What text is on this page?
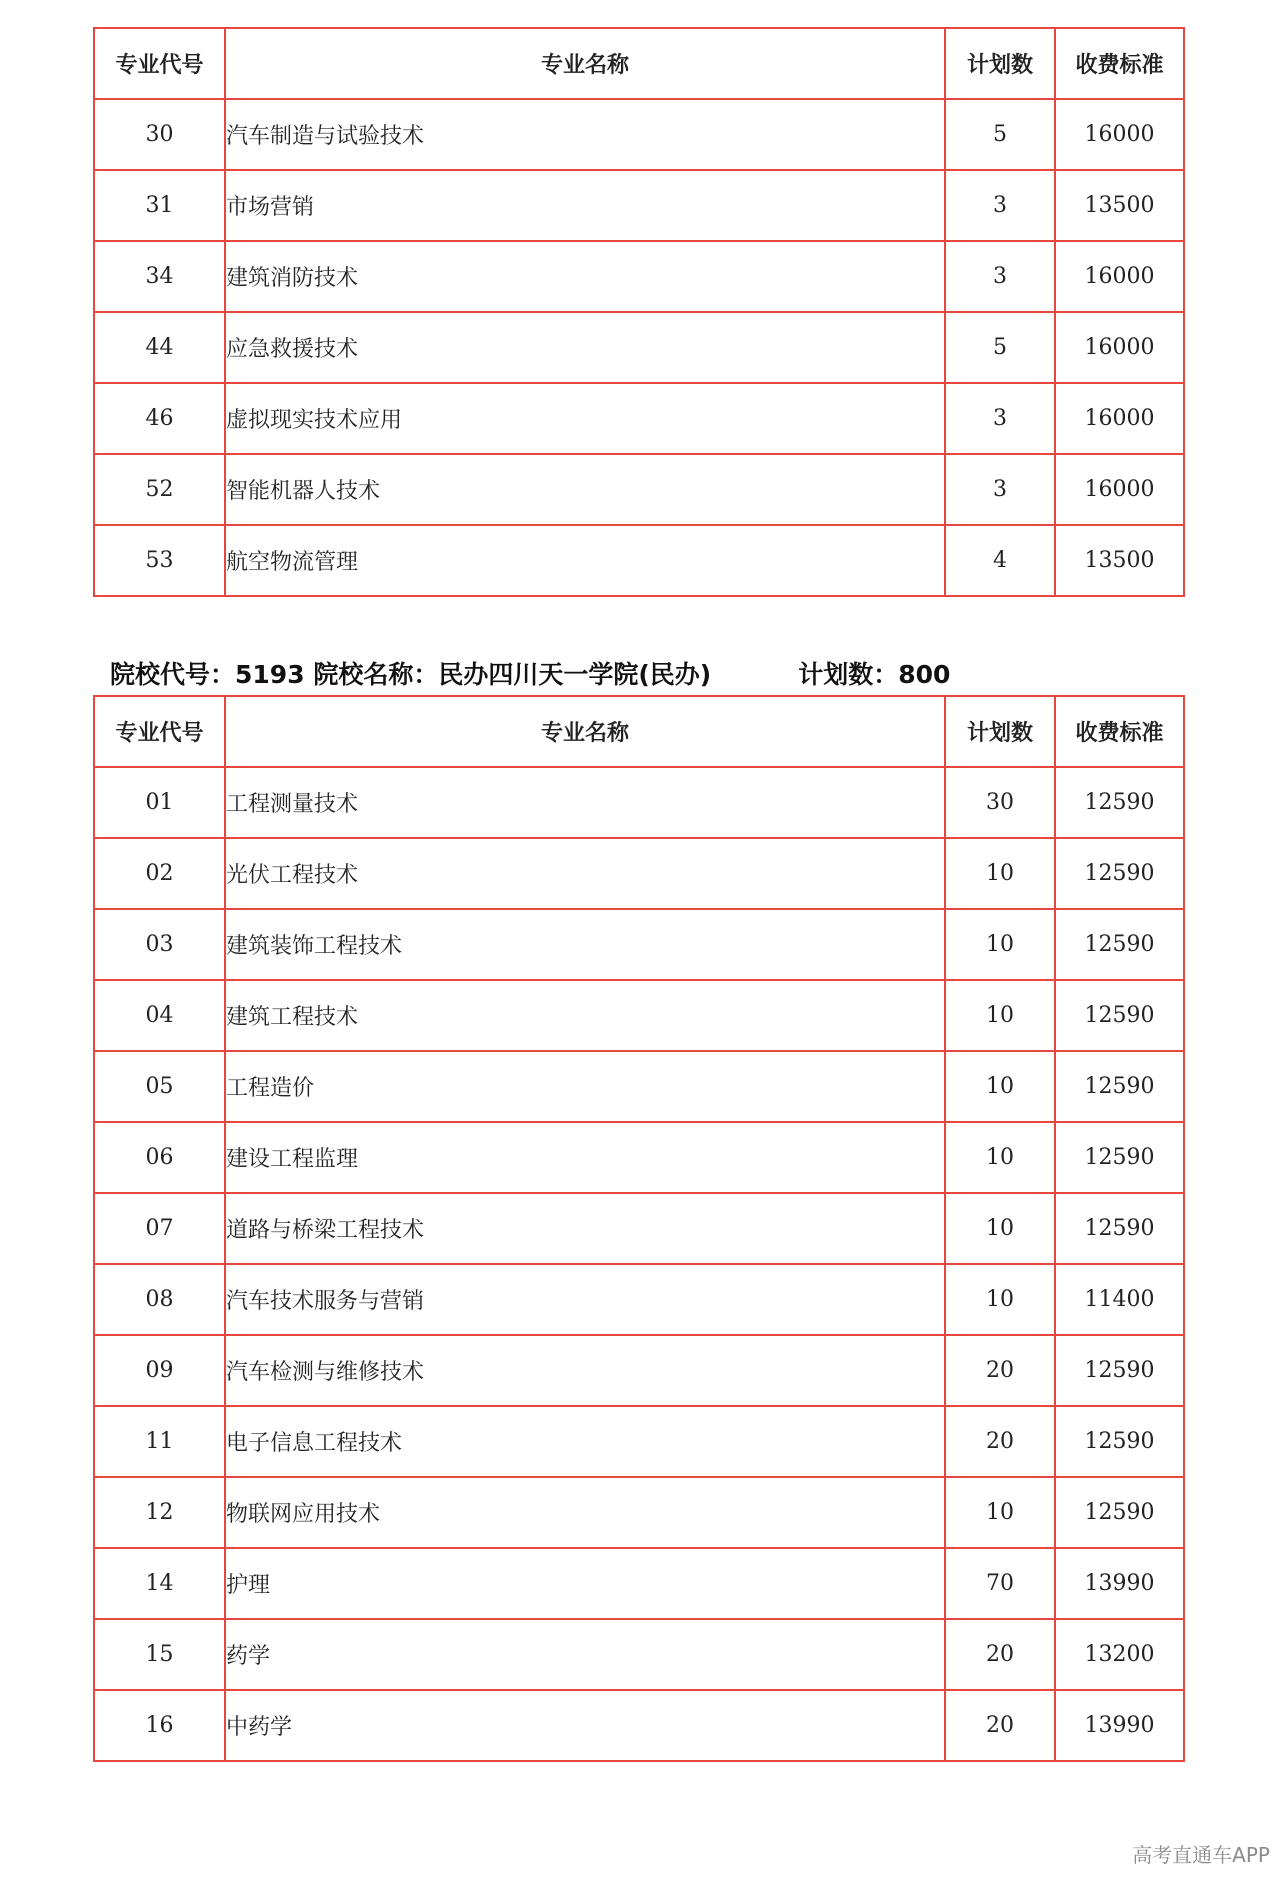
专业代号	专业名称	计划数	收费标准
30	汽车制造与试验技术	5	16000
31	市场营销	3	13500
34	建筑消防技术	3	16000
44	应急救援技术	5	16000
46	虚拟现实技术应用	3	16000
52	智能机器人技术	3	16000
53	航空物流管理	4	13500
院校代号：5193 院校名称：民办四川天一学院(民办)	计划数：800
专业代号	专业名称	计划数	收费标准
01	工程测量技术	30	12590
02	光伏工程技术	10	12590
03	建筑装饰工程技术	10	12590
04	建筑工程技术	10	12590
05	工程造价	10	12590
06	建设工程监理	10	12590
07	道路与桥梁工程技术	10	12590
08	汽车技术服务与营销	10	11400
09	汽车检测与维修技术	20	12590
11	电子信息工程技术	20	12590
12	物联网应用技术	10	12590
14	护理	70	13990
15	药学	20	13200
16	中药学	20	13990
高考直通车APP
